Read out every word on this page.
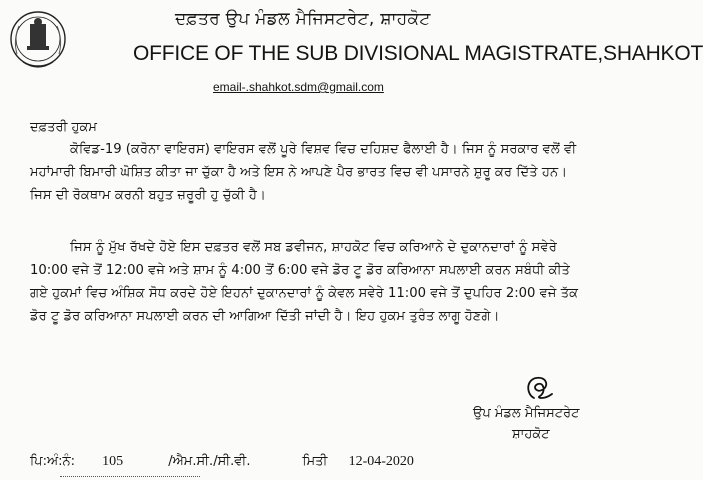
ਦਫ਼ਤਰ ਉਪ ਮੰਡਲ ਮੈਜਿਸਟਰੇਟ, ਸ਼ਾਹਕੋਟ
OFFICE OF THE SUB DIVISIONAL MAGISTRATE,SHAHKOT
email-.shahkot.sdm@gmail.com
ਦਫ਼ਤਰੀ ਹੁਕਮ
ਕੋਵਿਡ-19 (ਕਰੋਨਾ ਵਾਇਰਸ) ਵਾਇਰਸ ਵਲੋਂ ਪੂਰੇ ਵਿਸ਼ਵ ਵਿਚ ਦਹਿਸ਼ਦ ਫੈਲਾਈ ਹੈ। ਜਿਸ ਨੂੰ ਸਰਕਾਰ ਵਲੋਂ ਵੀ
ਮਹਾਂਮਾਰੀ ਬਿਮਾਰੀ ਘੋਸ਼ਿਤ ਕੀਤਾ ਜਾ ਚੁੱਕਾ ਹੈ ਅਤੇ ਇਸ ਨੇ ਆਪਣੇ ਪੈਰ ਭਾਰਤ ਵਿਚ ਵੀ ਪਸਾਰਨੇ ਸ਼ੁਰੂ ਕਰ ਦਿੱਤੇ ਹਨ।
ਜਿਸ ਦੀ ਰੋਕਥਾਮ ਕਰਨੀ ਬਹੁਤ ਜ਼ਰੂਰੀ ਹੁ ਚੁੱਕੀ ਹੈ।
ਜਿਸ ਨੂੰ ਮੁੱਖ ਰੱਖਦੇ ਹੋਏ ਇਸ ਦਫ਼ਤਰ ਵਲੋਂ ਸਬ ਡਵੀਜਨ, ਸ਼ਾਹਕੋਟ ਵਿਚ ਕਰਿਆਨੇ ਦੇ ਦੁਕਾਨਦਾਰਾਂ ਨੂੰ ਸਵੇਰੇ
10:00 ਵਜੇ ਤੋਂ 12:00 ਵਜੇ ਅਤੇ ਸ਼ਾਮ ਨੂੰ 4:00 ਤੋਂ 6:00 ਵਜੇ ਡੋਰ ਟੂ ਡੋਰ ਕਰਿਆਨਾ ਸਪਲਾਈ ਕਰਨ ਸਬੰਧੀ ਕੀਤੇ
ਗਏ ਹੁਕਮਾਂ ਵਿਚ ਅੰਸ਼ਿਕ ਸੋਧ ਕਰਦੇ ਹੋਏ ਇਹਨਾਂ ਦੁਕਾਨਦਾਰਾਂ ਨੂੰ ਕੇਵਲ ਸਵੇਰੇ 11:00 ਵਜੇ ਤੋਂ ਦੁਪਹਿਰ 2:00 ਵਜੇ ਤੱਕ
ਡੋਰ ਟੂ ਡੋਰ ਕਰਿਆਨਾ ਸਪਲਾਈ ਕਰਨ ਦੀ ਆਗਿਆ ਦਿੱਤੀ ਜਾਂਦੀ ਹੈ। ਇਹ ਹੁਕਮ ਤੁਰੰਤ ਲਾਗੂ ਹੋਣਗੇ।
ਉਪ ਮੰਡਲ ਮੈਜਿਸਟਰੇਟ
ਸ਼ਾਹਕੋਟ
ਪਿ:ਅੰ:ਨੰ: 105	/ਐਮ.ਸੀ./ਸੀ.ਵੀ.	ਮਿਤੀ 12-04-2020
